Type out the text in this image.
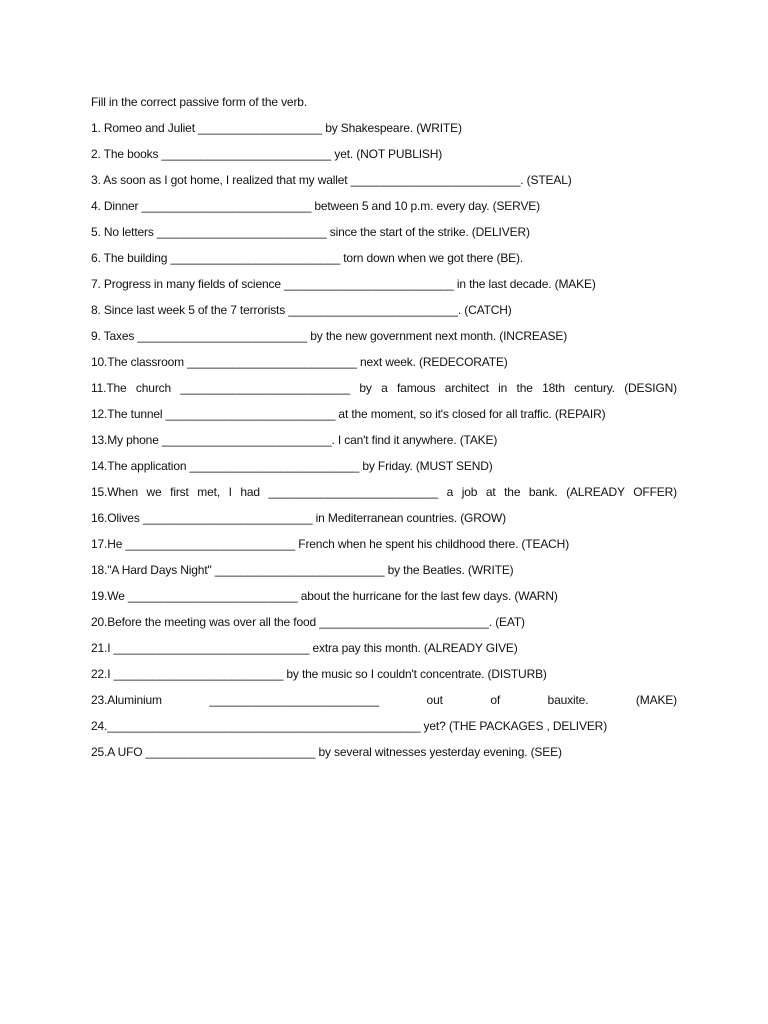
Fill in the correct passive form of the verb.
1. Romeo and Juliet ___________________ by Shakespeare. (WRITE)
2. The books __________________________ yet. (NOT PUBLISH)
3. As soon as I got home, I realized that my wallet __________________________. (STEAL)
4. Dinner __________________________ between 5 and 10 p.m. every day. (SERVE)
5. No letters __________________________ since the start of the strike. (DELIVER)
6. The building __________________________ torn down when we got there (BE).
7. Progress in many fields of science __________________________ in the last decade. (MAKE)
8. Since last week 5 of the 7 terrorists __________________________. (CATCH)
9. Taxes __________________________ by the new government next month. (INCREASE)
10.The classroom __________________________ next week. (REDECORATE)
11.The church __________________________ by a famous architect in the 18th century. (DESIGN)
12.The tunnel __________________________ at the moment, so it's closed for all traffic. (REPAIR)
13.My phone __________________________. I can't find it anywhere. (TAKE)
14.The application __________________________ by Friday. (MUST SEND)
15.When we first met, I had __________________________ a job at the bank. (ALREADY OFFER)
16.Olives __________________________ in Mediterranean countries. (GROW)
17.He __________________________ French when he spent his childhood there. (TEACH)
18."A Hard Days Night" __________________________ by the Beatles. (WRITE)
19.We __________________________ about the hurricane for the last few days. (WARN)
20.Before the meeting was over all the food __________________________. (EAT)
21.I ______________________________ extra pay this month. (ALREADY GIVE)
22.I __________________________ by the music so I couldn't concentrate. (DISTURB)
23.Aluminium __________________________ out of bauxite. (MAKE)
24.________________________________________________ yet? (THE PACKAGES , DELIVER)
25.A UFO __________________________ by several witnesses yesterday evening. (SEE)
